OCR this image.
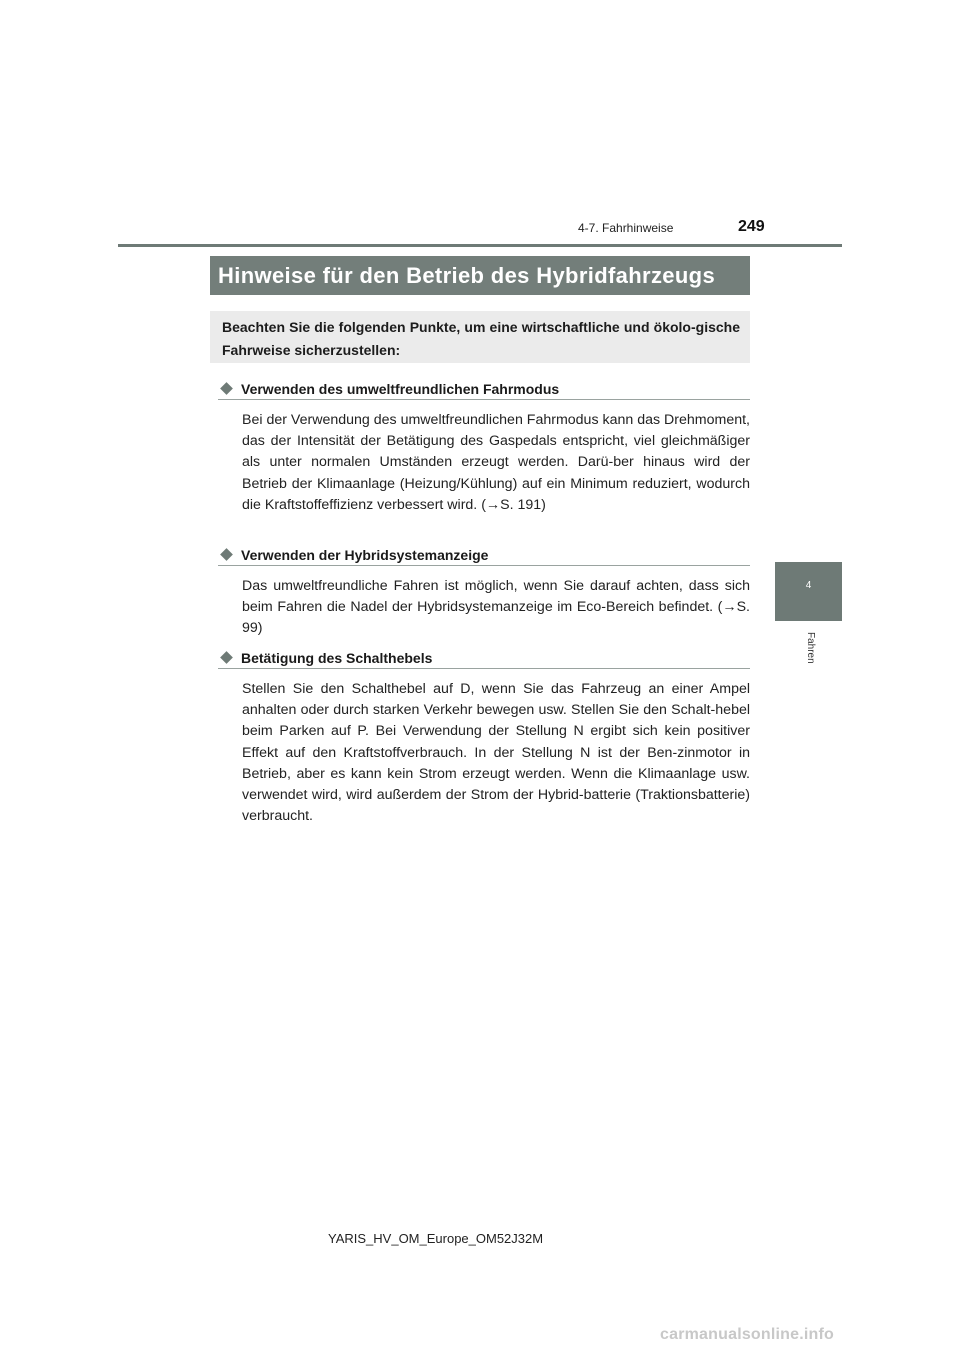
4-7. Fahrhinweise	249
Hinweise für den Betrieb des Hybridfahrzeugs
Beachten Sie die folgenden Punkte, um eine wirtschaftliche und ökolo-gische Fahrweise sicherzustellen:
Verwenden des umweltfreundlichen Fahrmodus
Bei der Verwendung des umweltfreundlichen Fahrmodus kann das Drehmoment, das der Intensität der Betätigung des Gaspedals entspricht, viel gleichmäßiger als unter normalen Umständen erzeugt werden. Darü-ber hinaus wird der Betrieb der Klimaanlage (Heizung/Kühlung) auf ein Minimum reduziert, wodurch die Kraftstoffeffizienz verbessert wird. (→S. 191)
Verwenden der Hybridsystemanzeige
Das umweltfreundliche Fahren ist möglich, wenn Sie darauf achten, dass sich beim Fahren die Nadel der Hybridsystemanzeige im Eco-Bereich befindet. (→S. 99)
Betätigung des Schalthebels
Stellen Sie den Schalthebel auf D, wenn Sie das Fahrzeug an einer Ampel anhalten oder durch starken Verkehr bewegen usw. Stellen Sie den Schalt-hebel beim Parken auf P. Bei Verwendung der Stellung N ergibt sich kein positiver Effekt auf den Kraftstoffverbrauch. In der Stellung N ist der Ben-zinmotor in Betrieb, aber es kann kein Strom erzeugt werden. Wenn die Klimaanlage usw. verwendet wird, wird außerdem der Strom der Hybrid-batterie (Traktionsbatterie) verbraucht.
4
Fahren
YARIS_HV_OM_Europe_OM52J32M
carmanualsonline.info
